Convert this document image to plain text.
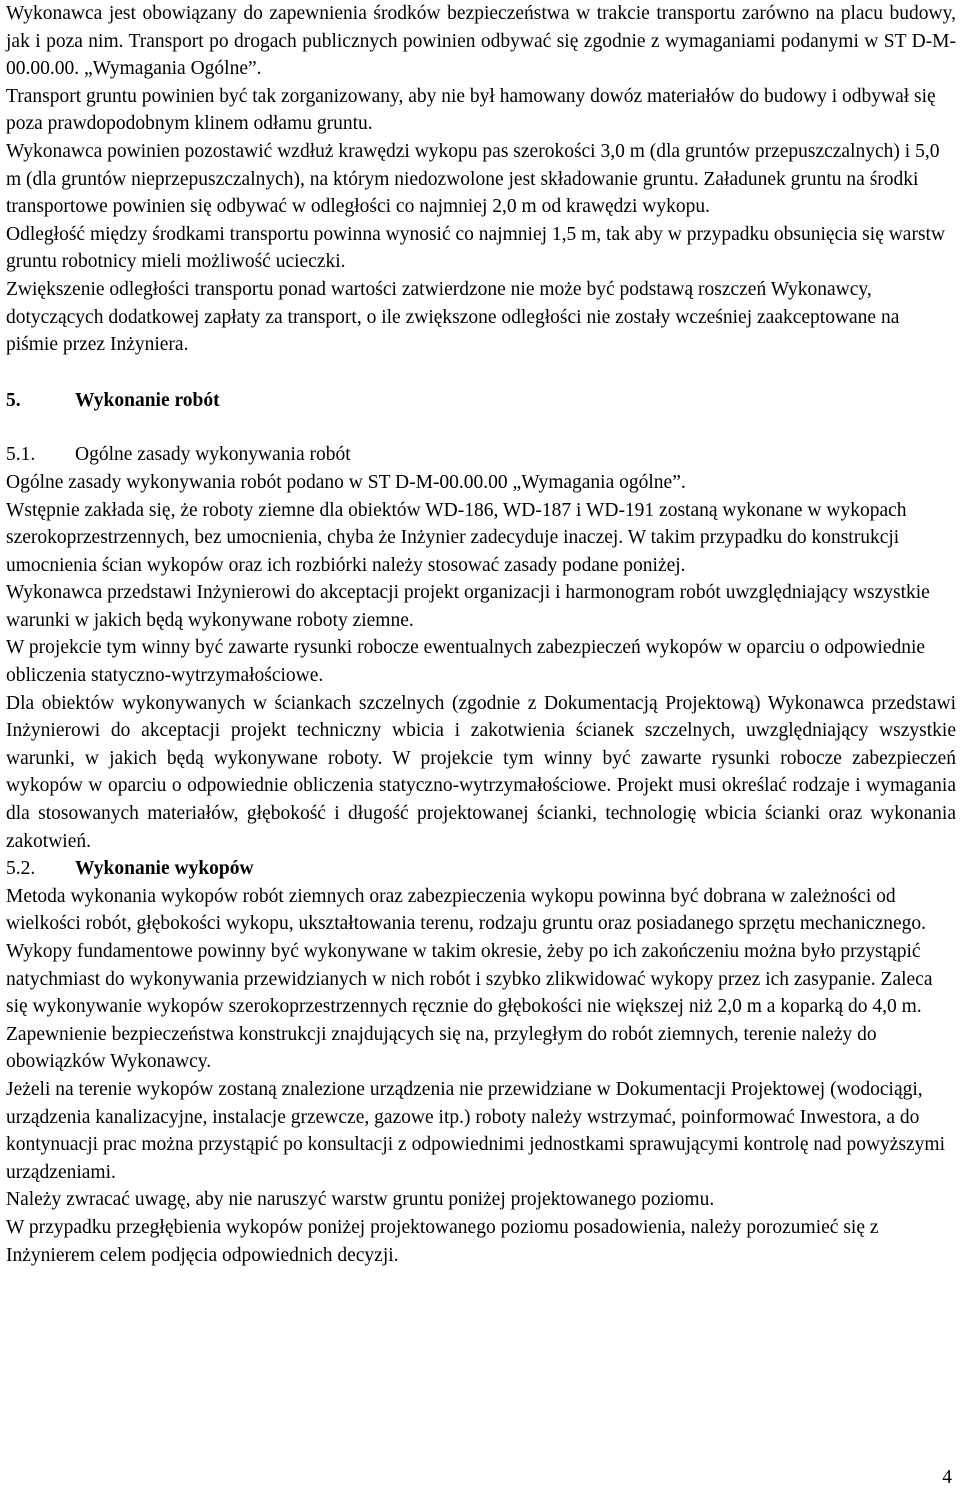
Wykonawca jest obowiązany do zapewnienia środków bezpieczeństwa w trakcie transportu zarówno na placu budowy, jak i poza nim. Transport po drogach publicznych powinien odbywać się zgodnie z wymaganiami podanymi w ST D-M-00.00.00. „Wymagania Ogólne”.

Transport gruntu powinien być tak zorganizowany, aby nie był hamowany dowóz materiałów do budowy i odbywał się poza prawdopodobnym klinem odłamu gruntu.

Wykonawca powinien pozostawić wzdłuż krawędzi wykopu pas szerokości 3,0 m (dla gruntów przepuszczalnych) i 5,0 m (dla gruntów nieprzepuszczalnych), na którym niedozwolone jest składowanie gruntu. Załadunek gruntu na środki transportowe powinien się odbywać w odległości co najmniej 2,0 m od krawędzi wykopu.

Odległość między środkami transportu powinna wynosić co najmniej 1,5 m, tak aby w przypadku obsunięcia się warstw gruntu robotnicy mieli możliwość ucieczki.

Zwiększenie odległości transportu ponad wartości zatwierdzone nie może być podstawą roszczeń Wykonawcy, dotyczących dodatkowej zapłaty za transport, o ile zwiększone odległości nie zostały wcześniej zaakceptowane na piśmie przez Inżyniera.

5.	Wykonanie robót
5.1.	Ogólne zasady wykonywania robót

Ogólne zasady wykonywania robót podano w ST D-M-00.00.00 „Wymagania ogólne”.

Wstępnie zakłada się, że roboty ziemne dla obiektów WD-186, WD-187 i WD-191 zostaną wykonane w wykopach szerokoprzestrzennych, bez umocnienia, chyba że Inżynier zadecyduje inaczej. W takim przypadku do konstrukcji umocnienia ścian wykopów oraz ich rozbiórki należy stosować zasady podane poniżej.

Wykonawca przedstawi Inżynierowi do akceptacji projekt organizacji i harmonogram robót uwzględniający wszystkie warunki w jakich będą wykonywane roboty ziemne.

W projekcie tym winny być zawarte rysunki robocze ewentualnych zabezpieczeń wykopów w oparciu o odpowiednie obliczenia statyczno-wytrzymałościowe.

Dla obiektów wykonywanych w ściankach szczelnych (zgodnie z Dokumentacją Projektową) Wykonawca przedstawi Inżynierowi do akceptacji projekt techniczny wbicia i zakotwienia ścianek szczelnych, uwzględniający wszystkie warunki, w jakich będą wykonywane roboty. W projekcie tym winny być zawarte rysunki robocze zabezpieczeń wykopów w oparciu o odpowiednie obliczenia statyczno-wytrzymałościowe. Projekt musi określać rodzaje i wymagania dla stosowanych materiałów, głębokość i długość projektowanej ścianki, technologię wbicia ścianki oraz wykonania zakotwień.

5.2.	Wykonanie wykopów

Metoda wykonania wykopów robót ziemnych oraz zabezpieczenia wykopu powinna być dobrana w zależności od wielkości robót, głębokości wykopu, ukształtowania terenu, rodzaju gruntu oraz posiadanego sprzętu mechanicznego. Wykopy fundamentowe powinny być wykonywane w takim okresie, żeby po ich zakończeniu można było przystąpić natychmiast do wykonywania przewidzianych w nich robót i szybko zlikwidować wykopy przez ich zasypanie. Zaleca się wykonywanie wykopów szerokoprzestrzennych ręcznie do głębokości nie większej niż 2,0 m a koparką do 4,0 m.

Zapewnienie bezpieczeństwa konstrukcji znajdujących się na, przyległym do robót ziemnych, terenie należy do obowiązków Wykonawcy.

Jeżeli na terenie wykopów zostaną znalezione urządzenia nie przewidziane w Dokumentacji Projektowej (wodociągi, urządzenia kanalizacyjne, instalacje grzewcze, gazowe itp.) roboty należy wstrzymać, poinformować Inwestora, a do kontynuacji prac można przystąpić po konsultacji z odpowiednimi jednostkami sprawującymi kontrolę nad powyższymi urządzeniami.

Należy zwracać uwagę, aby nie naruszyć warstw gruntu poniżej projektowanego poziomu.

W przypadku przegłębienia wykopów poniżej projektowanego poziomu posadowienia, należy porozumieć się z Inżynierem celem podjęcia odpowiednich decyzji.

4
